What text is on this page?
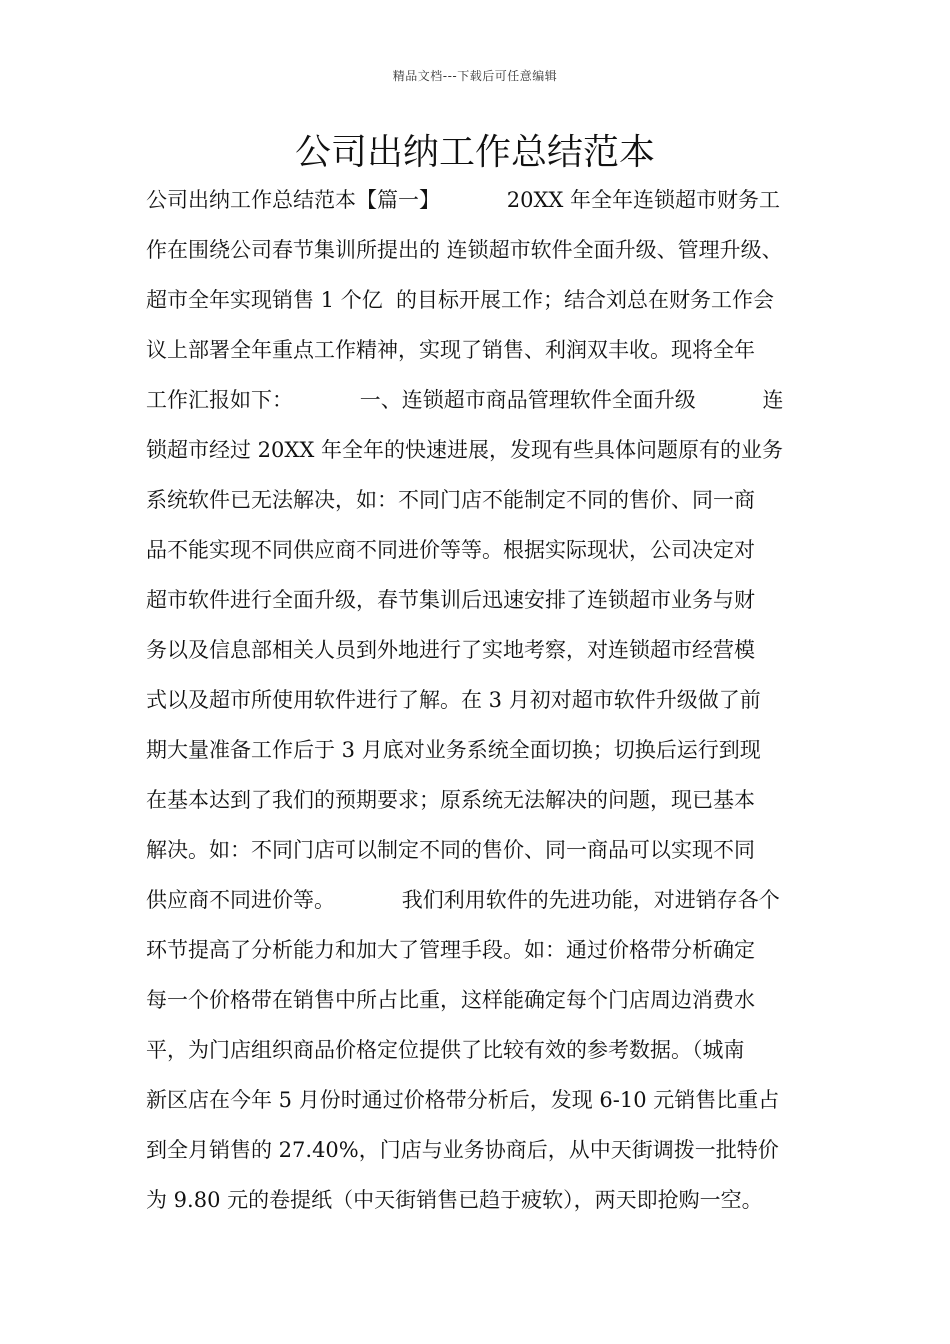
精品文档---下载后可任意编辑
公司出纳工作总结范本
公司出纳工作总结范本【篇一】          20XX 年全年连锁超市财务工
作在围绕公司春节集训所提出的 连锁超市软件全面升级、管理升级、
超市全年实现销售 1 个亿  的目标开展工作；结合刘总在财务工作会
议上部署全年重点工作精神，实现了销售、利润双丰收。现将全年
工作汇报如下：          一、连锁超市商品管理软件全面升级          连
锁超市经过 20XX 年全年的快速进展，发现有些具体问题原有的业务
系统软件已无法解决，如：不同门店不能制定不同的售价、同一商
品不能实现不同供应商不同进价等等。根据实际现状，公司决定对
超市软件进行全面升级，春节集训后迅速安排了连锁超市业务与财
务以及信息部相关人员到外地进行了实地考察，对连锁超市经营模
式以及超市所使用软件进行了解。在 3 月初对超市软件升级做了前
期大量准备工作后于 3 月底对业务系统全面切换；切换后运行到现
在基本达到了我们的预期要求；原系统无法解决的问题，现已基本
解决。如：不同门店可以制定不同的售价、同一商品可以实现不同
供应商不同进价等。          我们利用软件的先进功能，对进销存各个
环节提高了分析能力和加大了管理手段。如：通过价格带分析确定
每一个价格带在销售中所占比重，这样能确定每个门店周边消费水
平，为门店组织商品价格定位提供了比较有效的参考数据。（城南
新区店在今年 5 月份时通过价格带分析后，发现 6-10 元销售比重占
到全月销售的 27.40%，门店与业务协商后，从中天街调拨一批特价
为 9.80 元的卷提纸（中天街销售已趋于疲软），两天即抢购一空。
